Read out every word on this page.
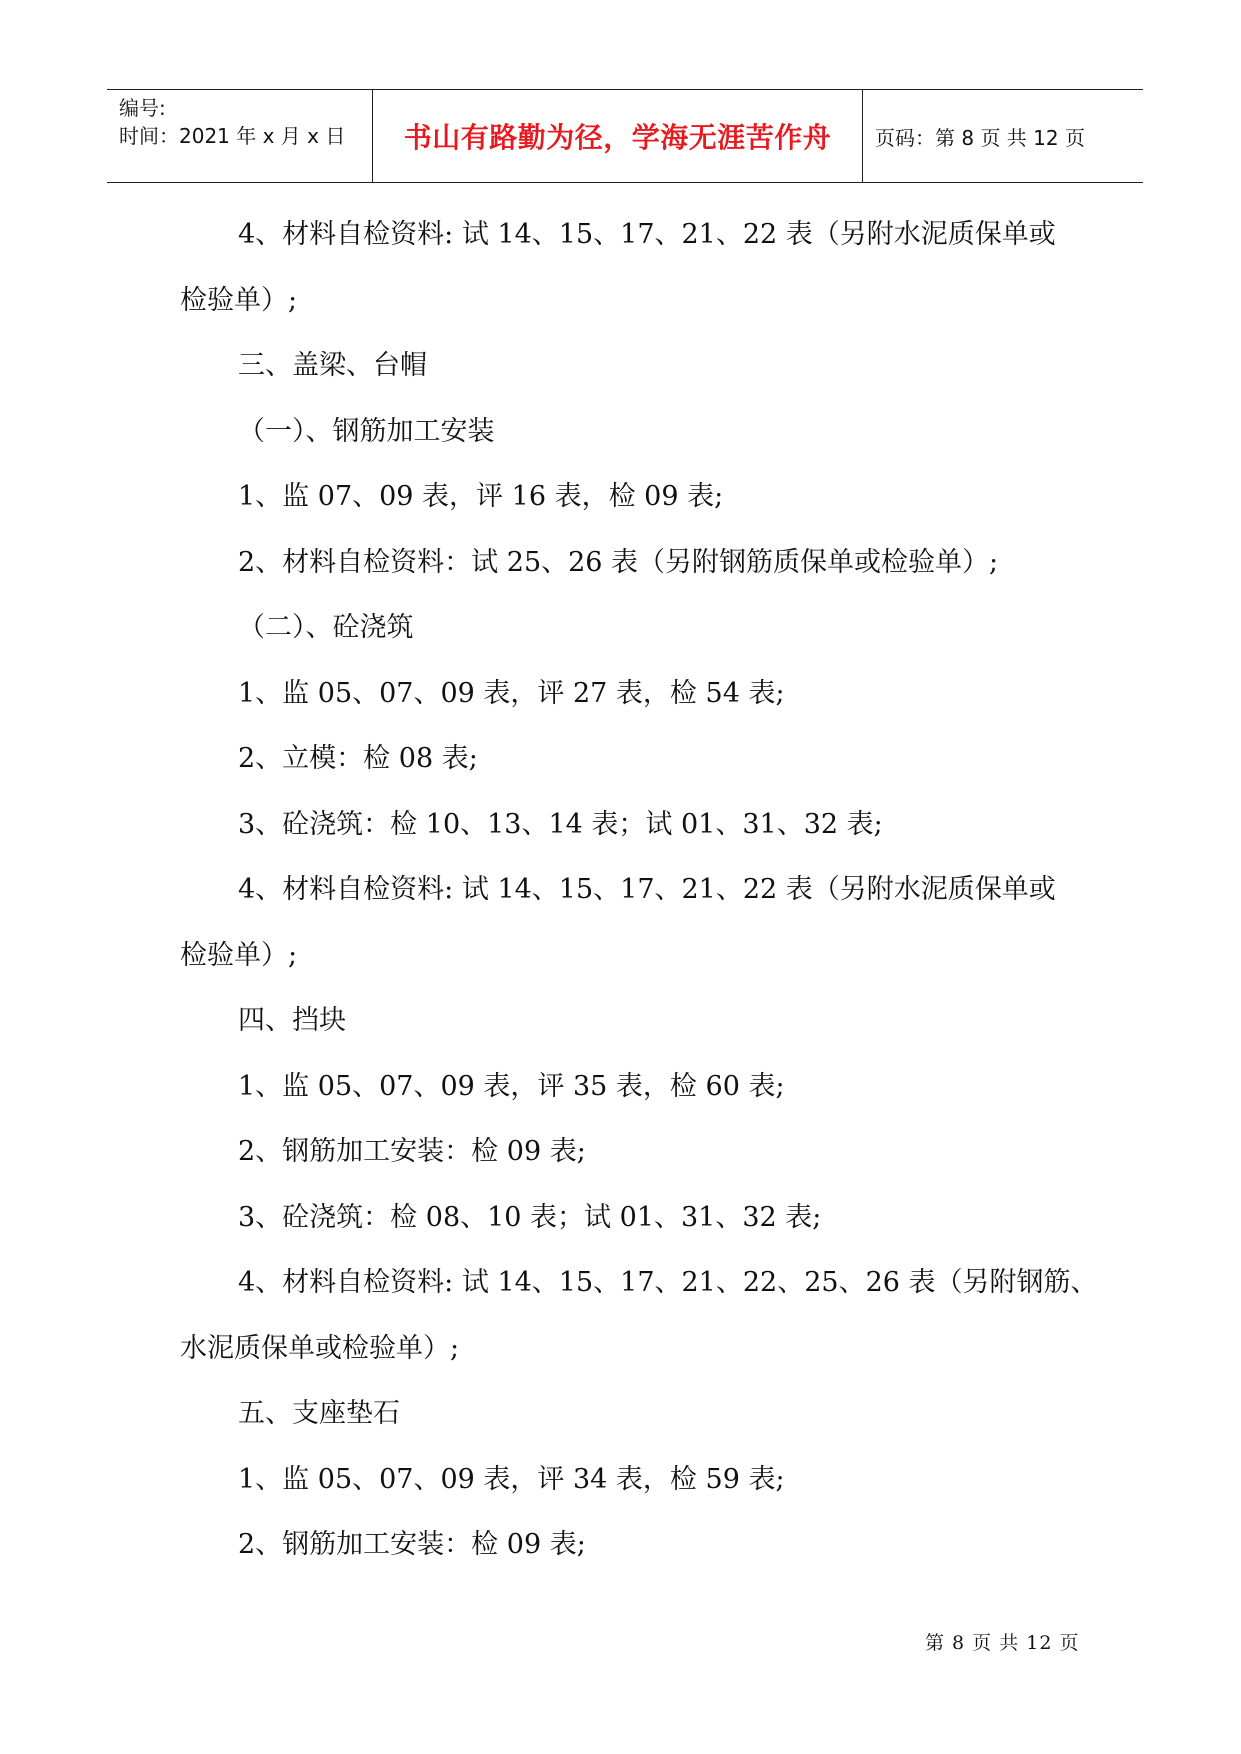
编号:
时间：2021 年 x 月 x 日	书山有路勤为径，学海无涯苦作舟 页码：第 8 页 共 12 页
4、材料自检资料: 试 14、15、17、21、22 表（另附水泥质保单或
检验单）;
三、盖梁、台帽
（一）、钢筋加工安装
1、监 07、09 表，评 16 表，检 09 表;
2、材料自检资料：试 25、26 表（另附钢筋质保单或检验单）;
（二）、砼浇筑
1、监 05、07、09 表，评 27 表，检 54 表;
2、立模：检 08 表;
3、砼浇筑：检 10、13、14 表；试 01、31、32 表;
4、材料自检资料: 试 14、15、17、21、22 表（另附水泥质保单或
检验单）;
四、挡块
1、监 05、07、09 表，评 35 表，检 60 表;
2、钢筋加工安装：检 09 表;
3、砼浇筑：检 08、10 表；试 01、31、32 表;
4、材料自检资料: 试 14、15、17、21、22、25、26 表（另附钢筋、
水泥质保单或检验单）;
五、支座垫石
1、监 05、07、09 表，评 34 表，检 59 表;
2、钢筋加工安装：检 09 表;
第 8 页 共 12 页
